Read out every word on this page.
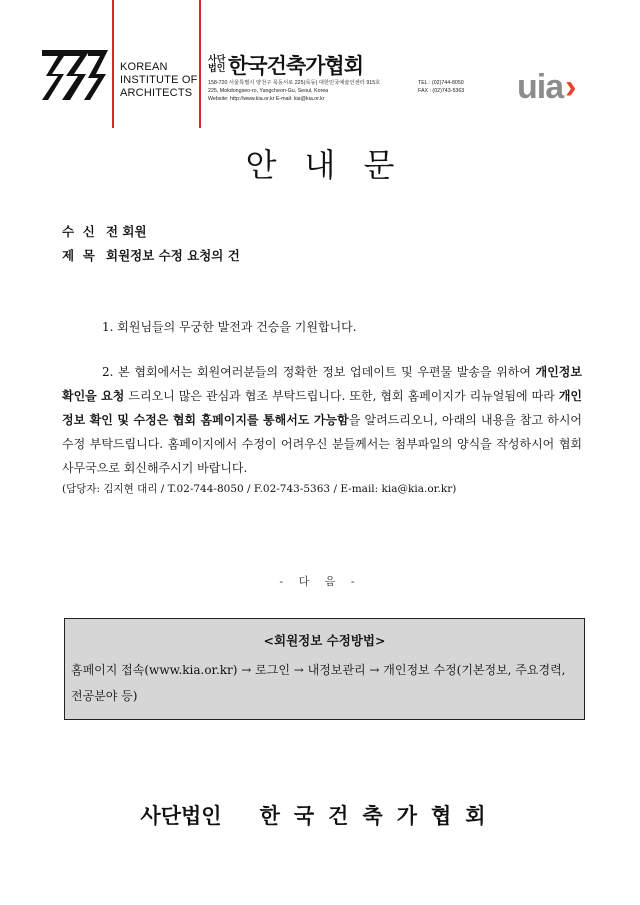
KOREAN
INSTITUTE OF
ARCHITECTS
사단
법인 한국건축가협회
158-720 서울특별시 양천구 목동서로 225(목동) 대한민국예술인센터 915호
225, Mokdongseo-ro, Yangcheon-Gu, Seoul, Korea
Website: http://www.kia.or.kr E-mail: kia@kia.or.kr
TEL : (02)744-8050
FAX : (02)743-5363	uia›
안내문
수  신 전 회원
제  목 회원정보 수정 요청의 건
1. 회원님들의 무궁한 발전과 건승을 기원합니다.
2. 본 협회에서는 회원여러분들의 정확한 정보 업데이트 및 우편물 발송을 위하여 개인정보 확인을 요청 드리오니 많은 관심과 협조 부탁드립니다. 또한, 협회 홈페이지가 리뉴얼됨에 따라 개인정보 확인 및 수정은 협회 홈페이지를 통해서도 가능함을 알려드리오니, 아래의 내용을 참고 하시어 수정 부탁드립니다. 홈페이지에서 수정이 어려우신 분들께서는 첨부파일의 양식을 작성하시어 협회 사무국으로 회신해주시기 바랍니다.
(담당자: 김지현 대리 / T.02-744-8050 / F.02-743-5363 / E-mail: kia@kia.or.kr)
- 다 음 -
<회원정보 수정방법>
홈페이지 접속(www.kia.or.kr) → 로그인 → 내정보관리 → 개인정보 수정(기본정보, 주요경력, 전공분야 등)
사단법인 한국건축가협회
